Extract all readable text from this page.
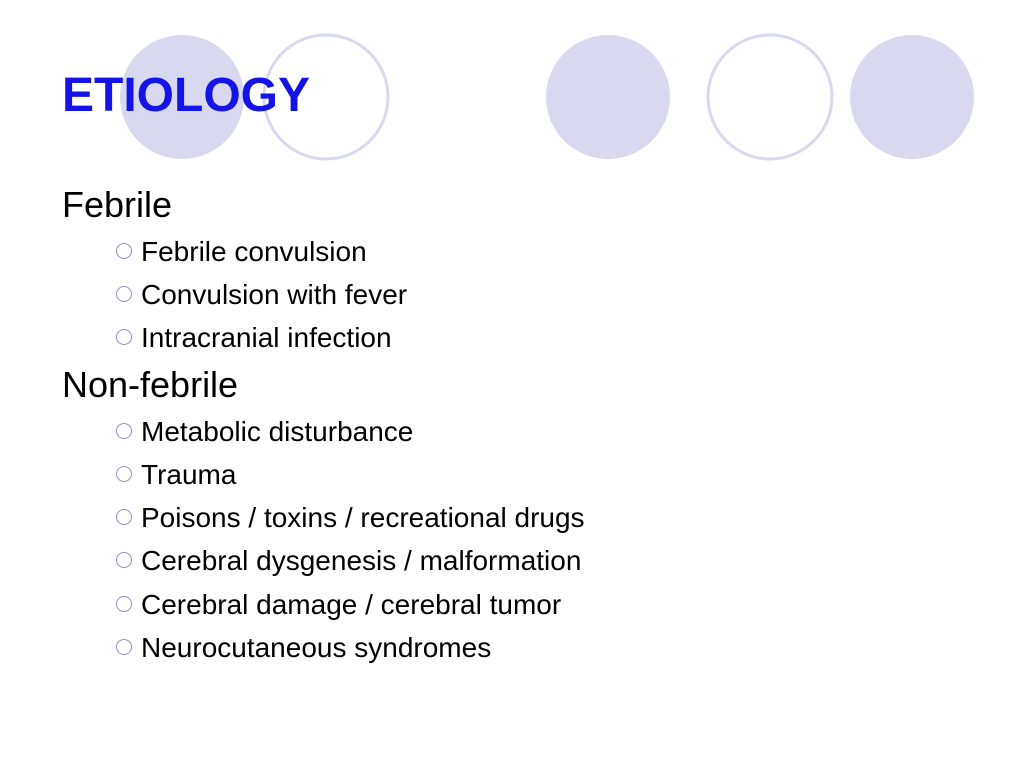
ETIOLOGY
Febrile
Febrile convulsion
Convulsion with fever
Intracranial infection
Non-febrile
Metabolic disturbance
Trauma
Poisons / toxins / recreational drugs
Cerebral dysgenesis / malformation
Cerebral damage / cerebral tumor
Neurocutaneous syndromes
